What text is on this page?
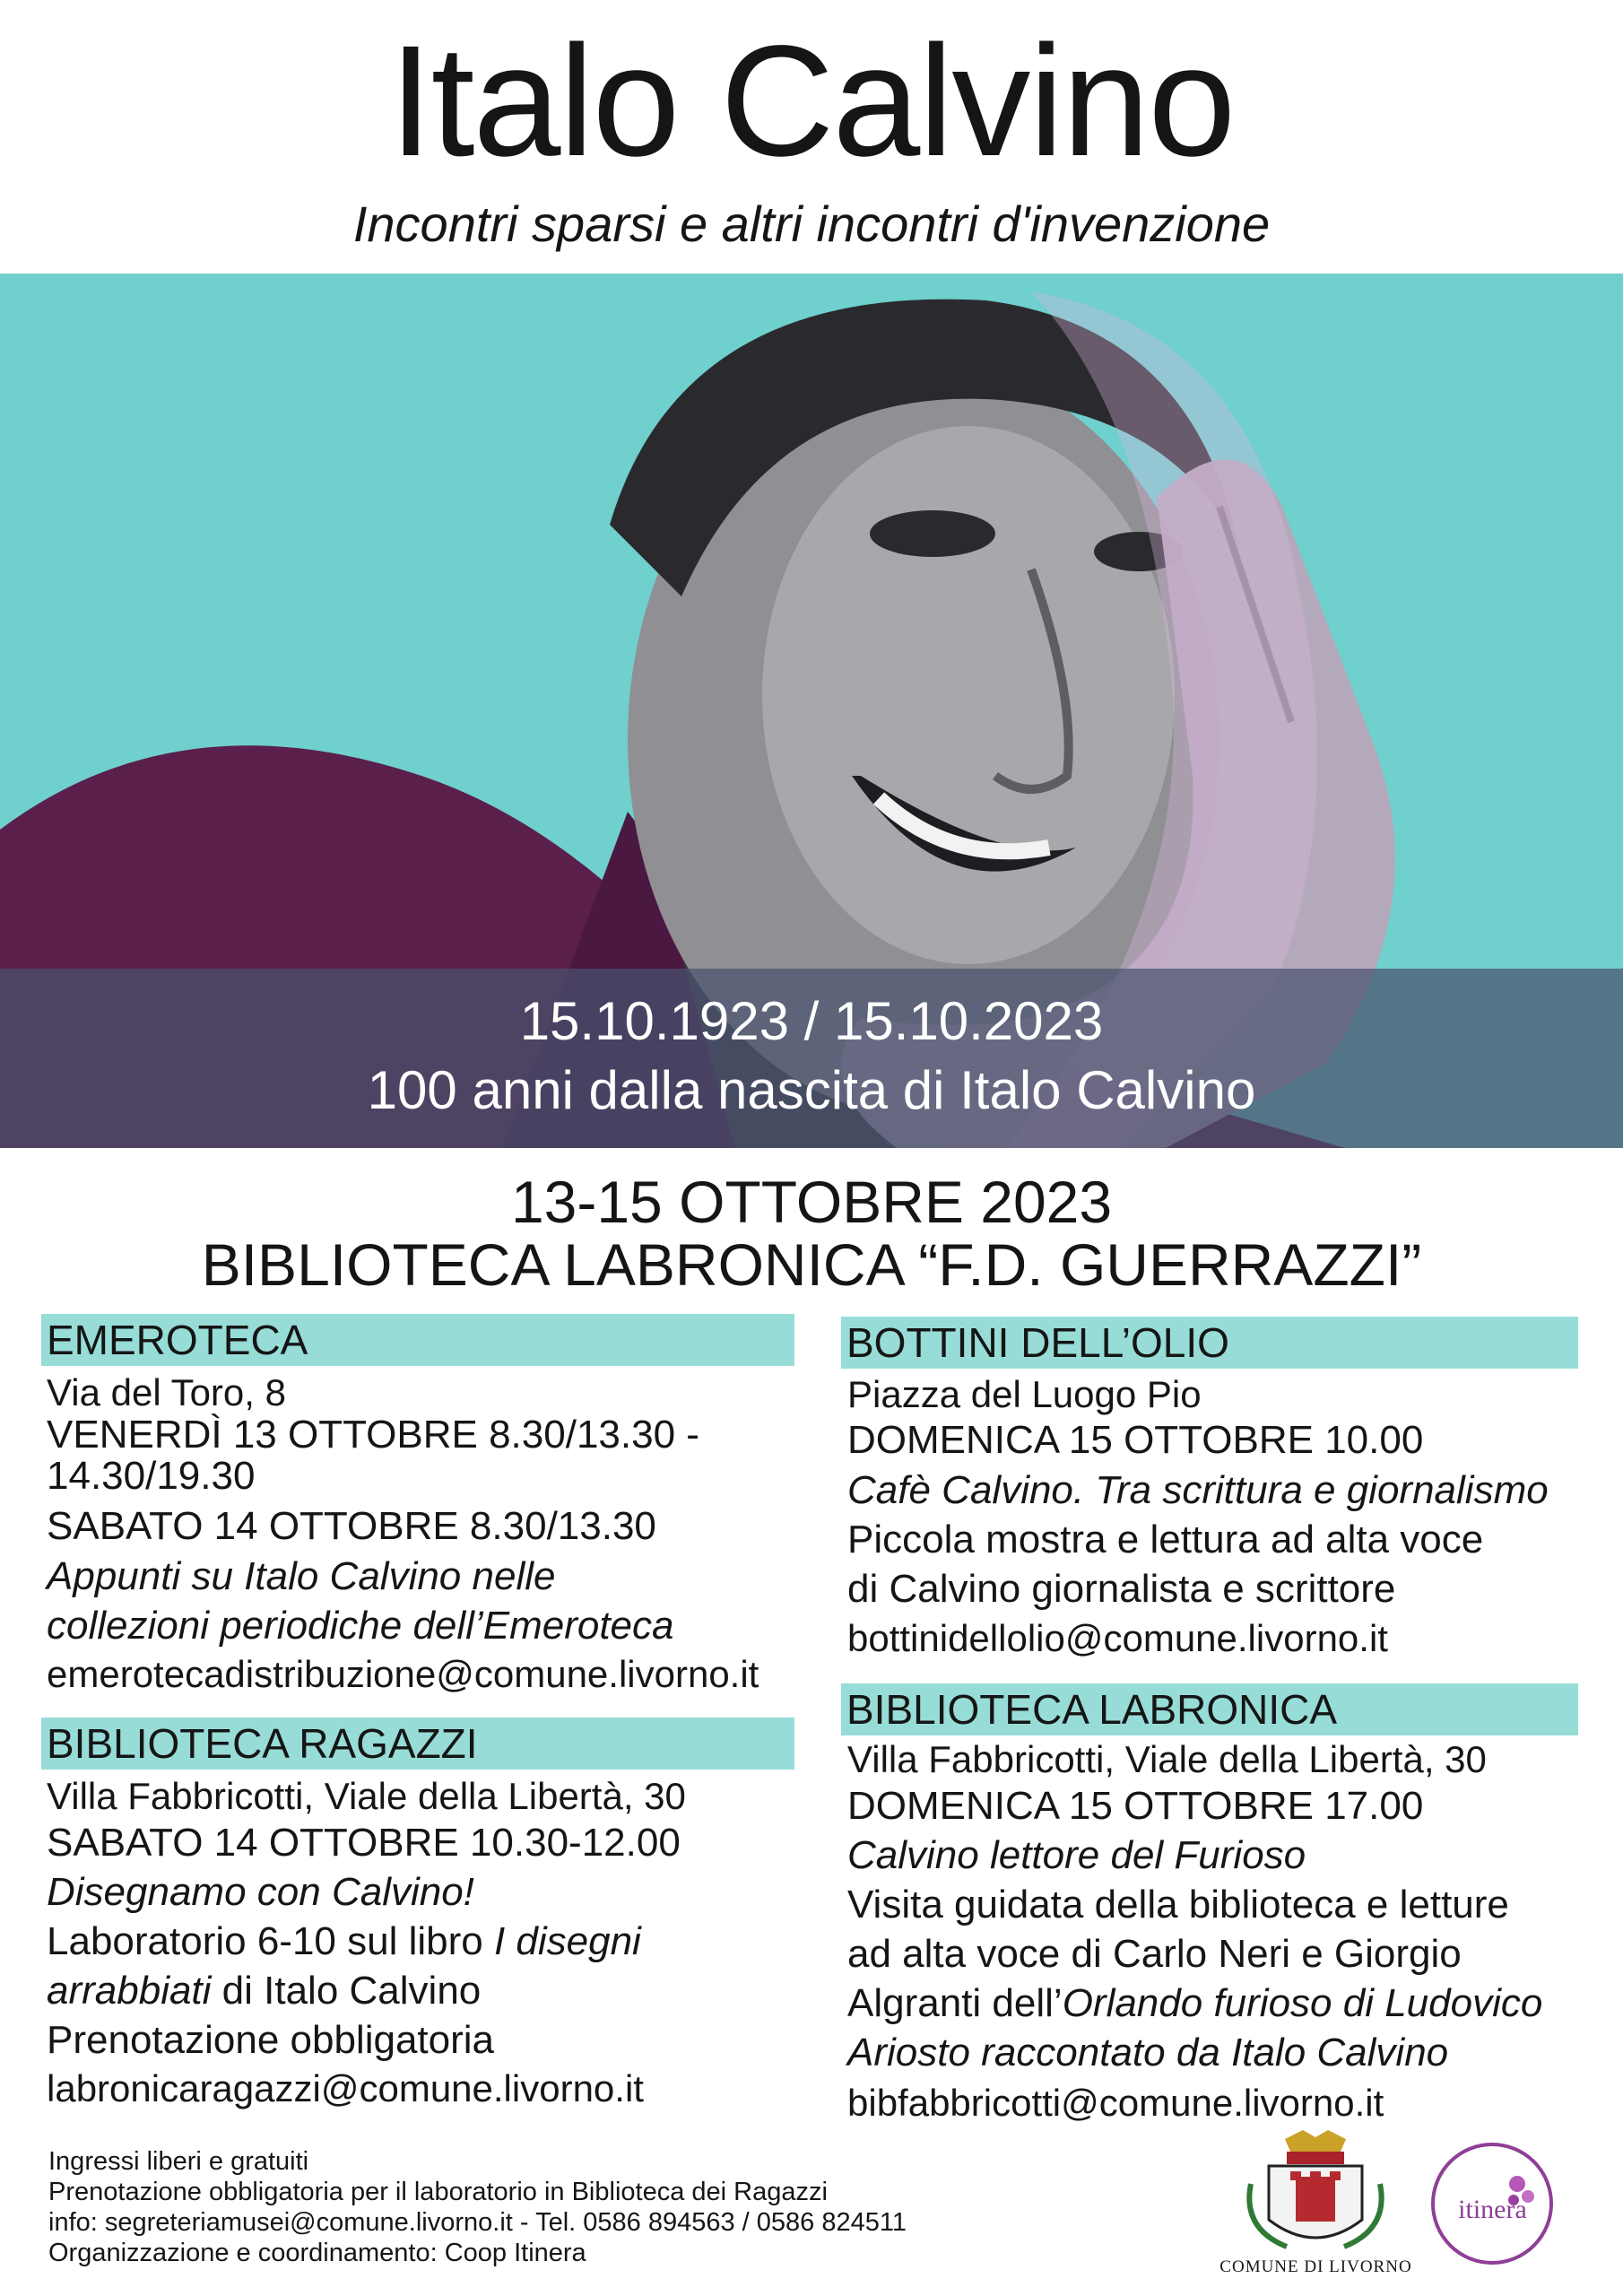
Italo Calvino
Incontri sparsi e altri incontri d'invenzione
15.10.1923 / 15.10.2023
100 anni dalla nascita di Italo Calvino
13-15 OTTOBRE 2023
BIBLIOTECA LABRONICA “F.D. GUERRAZZI”
EMEROTECA
Via del Toro, 8
VENERDÌ 13 OTTOBRE 8.30/13.30 -
14.30/19.30
SABATO 14 OTTOBRE 8.30/13.30
Appunti su Italo Calvino nelle
collezioni periodiche dell’Emeroteca
emerotecadistribuzione@comune.livorno.it
BIBLIOTECA RAGAZZI
Villa Fabbricotti, Viale della Libertà, 30
SABATO 14 OTTOBRE 10.30-12.00
Disegnamo con Calvino!
Laboratorio 6-10 sul libro I disegni
arrabbiati di Italo Calvino
Prenotazione obbligatoria
labronicaragazzi@comune.livorno.it
BOTTINI DELL’OLIO
Piazza del Luogo Pio
DOMENICA 15 OTTOBRE 10.00
Cafè Calvino. Tra scrittura e giornalismo
Piccola mostra e lettura ad alta voce
di Calvino giornalista e scrittore
bottinidellolio@comune.livorno.it
BIBLIOTECA LABRONICA
Villa Fabbricotti, Viale della Libertà, 30
DOMENICA 15 OTTOBRE 17.00
Calvino lettore del Furioso
Visita guidata della biblioteca e letture
ad alta voce di Carlo Neri e Giorgio
Algranti dell’Orlando furioso di Ludovico
Ariosto raccontato da Italo Calvino
bibfabbricotti@comune.livorno.it
Ingressi liberi e gratuiti
Prenotazione obbligatoria per il laboratorio in Biblioteca dei Ragazzi
info: segreteriamusei@comune.livorno.it - Tel. 0586 894563 / 0586 824511
Organizzazione e coordinamento: Coop Itinera	COMUNE DI LIVORNO
itinera
